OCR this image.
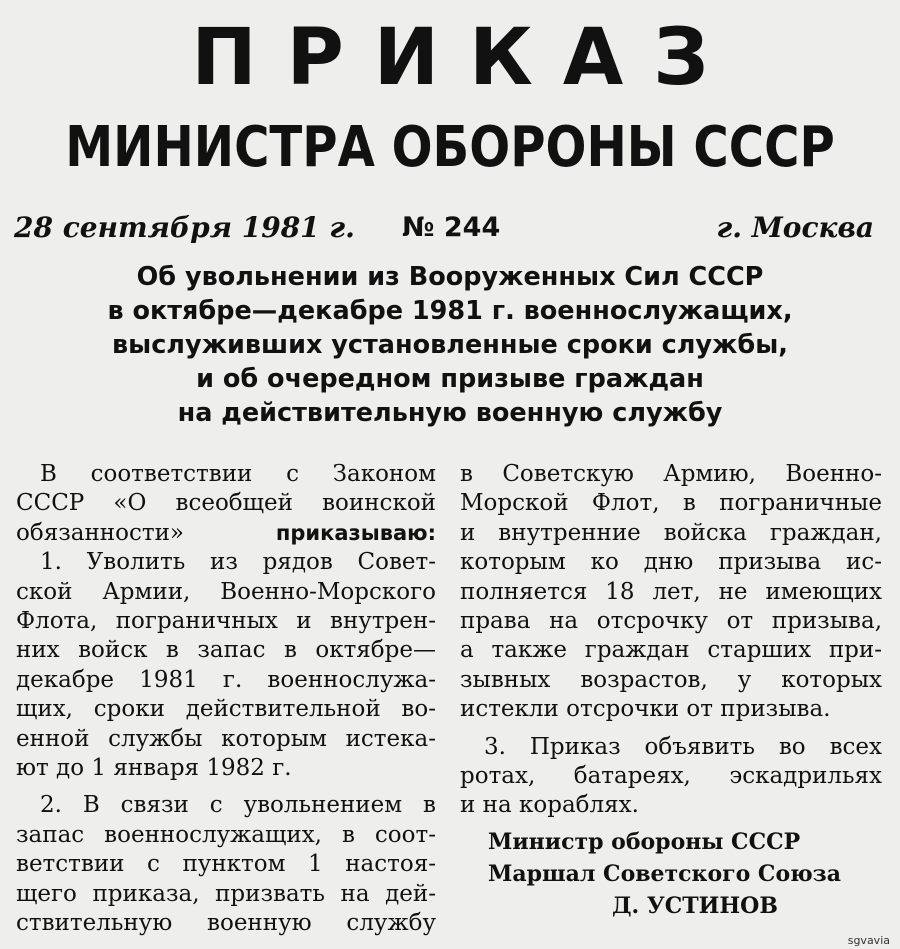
ПРИКАЗ
МИНИСТРА ОБОРОНЫ СССР
28 сентября 1981 г. № 244	г. Москва
Об увольнении из Вооруженных Сил СССР
в октябре—декабре 1981 г. военнослужащих,
выслуживших установленные сроки службы,
и об очередном призыве граждан
на действительную военную службу

В соответствии с Законом
СССР «О всеобщей воинской
обязанности»	приказываю:

1. Уволить из рядов Совет-
ской Армии, Военно-Морского
Флота, пограничных и внутрен-
них войск в запас в октябре—
декабре 1981 г. военнослужа-
щих, сроки действительной во-
енной службы которым истека-
ют до 1 января 1982 г.

2. В связи с увольнением в
запас военнослужащих, в соот-
ветствии с пунктом 1 настоя-
щего приказа, призвать на дей-
ствительную военную службу

в Советскую Армию, Военно-
Морской Флот, в пограничные
и внутренние войска граждан,
которым ко дню призыва ис-
полняется 18 лет, не имеющих
права на отсрочку от призыва,
а также граждан старших при-
зывных возрастов, у которых
истекли отсрочки от призыва.

3. Приказ объявить во всех
ротах, батареях, эскадрильях
и на кораблях.

Министр обороны СССР
Маршал Советского Союза
Д. УСТИНОВ
sgvavia
